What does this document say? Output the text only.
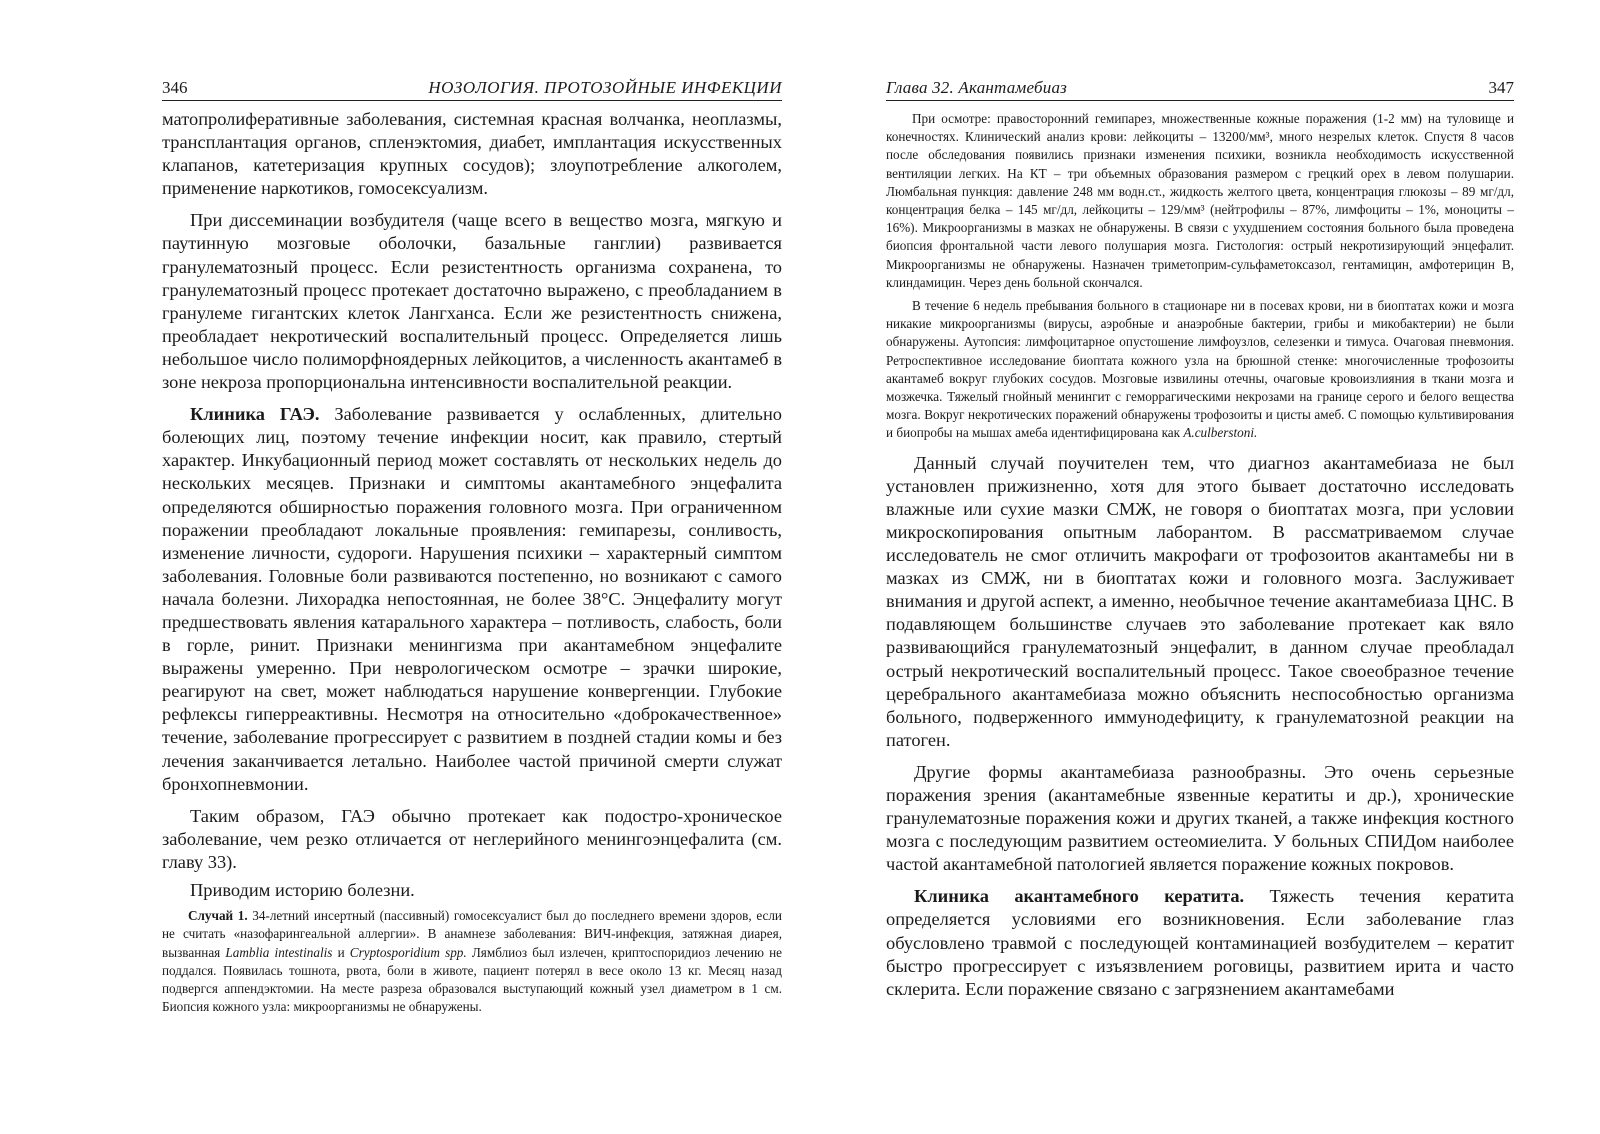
346	НОЗОЛОГИЯ. ПРОТОЗОЙНЫЕ ИНФЕКЦИИ

матопролиферативные заболевания, системная красная волчанка, неоплазмы, трансплантация органов, спленэктомия, диабет, имплантация искусственных клапанов, катетеризация крупных сосудов); злоупотребление алкоголем, применение наркотиков, гомосексуализм.

При диссеминации возбудителя (чаще всего в вещество мозга, мягкую и паутинную мозговые оболочки, базальные ганглии) развивается гранулематозный процесс. Если резистентность организма сохранена, то гранулематозный процесс протекает достаточно выражено, с преобладанием в гранулеме гигантских клеток Лангханса. Если же резистентность снижена, преобладает некротический воспалительный процесс. Определяется лишь небольшое число полиморфноядерных лейкоцитов, а численность акантамеб в зоне некроза пропорциональна интенсивности воспалительной реакции.

Клиника ГАЭ. Заболевание развивается у ослабленных, длительно болеющих лиц, поэтому течение инфекции носит, как правило, стертый характер. Инкубационный период может составлять от нескольких недель до нескольких месяцев. Признаки и симптомы акантамебного энцефалита определяются обширностью поражения головного мозга. При ограниченном поражении преобладают локальные проявления: гемипарезы, сонливость, изменение личности, судороги. Нарушения психики – характерный симптом заболевания. Головные боли развиваются постепенно, но возникают с самого начала болезни. Лихорадка непостоянная, не более 38°С. Энцефалиту могут предшествовать явления катарального характера – потливость, слабость, боли в горле, ринит. Признаки менингизма при акантамебном энцефалите выражены умеренно. При неврологическом осмотре – зрачки широкие, реагируют на свет, может наблюдаться нарушение конвергенции. Глубокие рефлексы гиперреактивны. Несмотря на относительно «доброкачественное» течение, заболевание прогрессирует с развитием в поздней стадии комы и без лечения заканчивается летально. Наиболее частой причиной смерти служат бронхопневмонии.

Таким образом, ГАЭ обычно протекает как подостро-хроническое заболевание, чем резко отличается от неглерийного менингоэнцефалита (см. главу 33).

Приводим историю болезни.

Случай 1. 34-летний инсертный (пассивный) гомосексуалист был до последнего времени здоров, если не считать «назофарингеальной аллергии». В анамнезе заболевания: ВИЧ-инфекция, затяжная диарея, вызванная Lamblia intestinalis и Cryptosporidium spp. Лямблиоз был излечен, криптоспоридиоз лечению не поддался. Появилась тошнота, рвота, боли в животе, пациент потерял в весе около 13 кг. Месяц назад подвергся аппендэктомии. На месте разреза образовался выступающий кожный узел диаметром в 1 см. Биопсия кожного узла: микроорганизмы не обнаружены.

Глава 32. Акантамебиаз	347

При осмотре: правосторонний гемипарез, множественные кожные поражения (1-2 мм) на туловище и конечностях. Клинический анализ крови: лейкоциты – 13200/мм³, много незрелых клеток. Спустя 8 часов после обследования появились признаки изменения психики, возникла необходимость искусственной вентиляции легких. На КТ – три объемных образования размером с грецкий орех в левом полушарии. Люмбальная пункция: давление 248 мм водн.ст., жидкость желтого цвета, концентрация глюкозы – 89 мг/дл, концентрация белка – 145 мг/дл, лейкоциты – 129/мм³ (нейтрофилы – 87%, лимфоциты – 1%, моноциты – 16%). Микроорганизмы в мазках не обнаружены. В связи с ухудшением состояния больного была проведена биопсия фронтальной части левого полушария мозга. Гистология: острый некротизирующий энцефалит. Микроорганизмы не обнаружены. Назначен триметоприм-сульфаметоксазол, гентамицин, амфотерицин В, клиндамицин. Через день больной скончался.

В течение 6 недель пребывания больного в стационаре ни в посевах крови, ни в биоптатах кожи и мозга никакие микроорганизмы (вирусы, аэробные и анаэробные бактерии, грибы и микобактерии) не были обнаружены. Аутопсия: лимфоцитарное опустошение лимфоузлов, селезенки и тимуса. Очаговая пневмония. Ретроспективное исследование биоптата кожного узла на брюшной стенке: многочисленные трофозоиты акантамеб вокруг глубоких сосудов. Мозговые извилины отечны, очаговые кровоизлияния в ткани мозга и мозжечка. Тяжелый гнойный менингит с геморрагическими некрозами на границе серого и белого вещества мозга. Вокруг некротических поражений обнаружены трофозоиты и цисты амеб. С помощью культивирования и биопробы на мышах амеба идентифицирована как A.culberstoni.

Данный случай поучителен тем, что диагноз акантамебиаза не был установлен прижизненно, хотя для этого бывает достаточно исследовать влажные или сухие мазки СМЖ, не говоря о биоптатах мозга, при условии микроскопирования опытным лаборантом. В рассматриваемом случае исследователь не смог отличить макрофаги от трофозоитов акантамебы ни в мазках из СМЖ, ни в биоптатах кожи и головного мозга. Заслуживает внимания и другой аспект, а именно, необычное течение акантамебиаза ЦНС. В подавляющем большинстве случаев это заболевание протекает как вяло развивающийся гранулематозный энцефалит, в данном случае преобладал острый некротический воспалительный процесс. Такое своеобразное течение церебрального акантамебиаза можно объяснить неспособностью организма больного, подверженного иммунодефициту, к гранулематозной реакции на патоген.

Другие формы акантамебиаза разнообразны. Это очень серьезные поражения зрения (акантамебные язвенные кератиты и др.), хронические гранулематозные поражения кожи и других тканей, а также инфекция костного мозга с последующим развитием остеомиелита. У больных СПИДом наиболее частой акантамебной патологией является поражение кожных покровов.

Клиника акантамебного кератита. Тяжесть течения кератита определяется условиями его возникновения. Если заболевание глаз обусловлено травмой с последующей контаминацией возбудителем – кератит быстро прогрессирует с изъязвлением роговицы, развитием ирита и часто склерита. Если поражение связано с загрязнением акантамебами
